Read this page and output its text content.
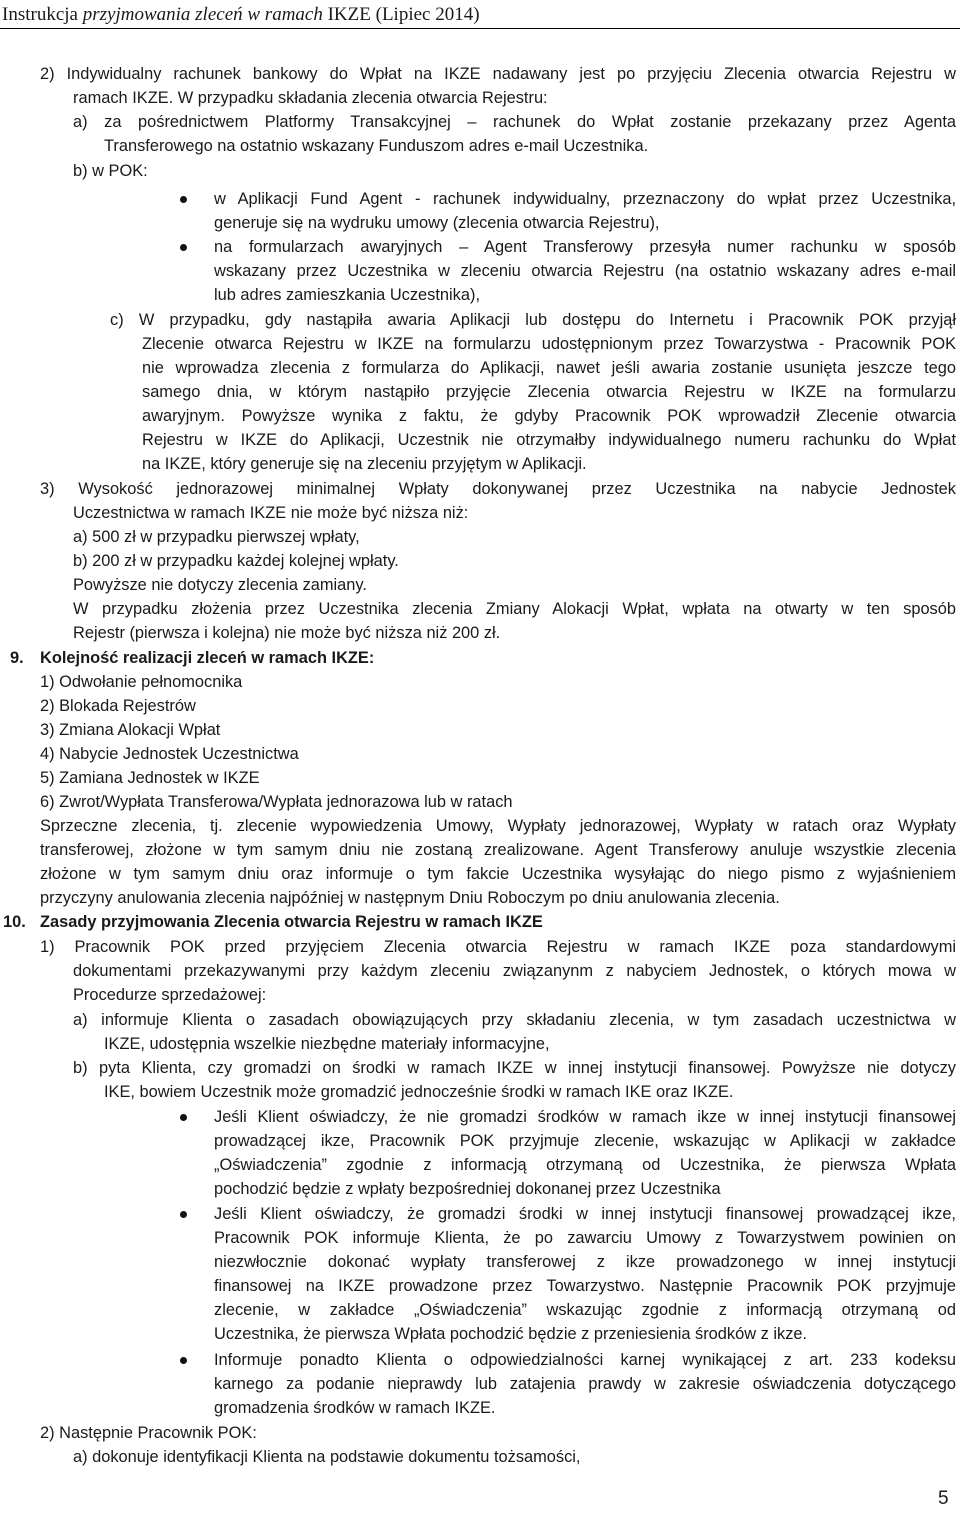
Instrukcja przyjmowania zleceń w ramach IKZE (Lipiec 2014)
2) Indywidualny rachunek bankowy do Wpłat na IKZE nadawany jest po przyjęciu Zlecenia otwarcia Rejestru w
ramach IKZE. W przypadku składania zlecenia otwarcia Rejestru:
a) za pośrednictwem Platformy Transakcyjnej – rachunek do Wpłat zostanie przekazany przez Agenta
Transferowego na ostatnio wskazany Funduszom adres e-mail Uczestnika.
b) w POK:
w Aplikacji Fund Agent - rachunek indywidualny, przeznaczony do wpłat przez Uczestnika,
generuje się na wydruku umowy (zlecenia otwarcia Rejestru),
na formularzach awaryjnych – Agent Transferowy przesyła numer rachunku w sposób
wskazany przez Uczestnika w zleceniu otwarcia Rejestru (na ostatnio wskazany adres e-mail
lub adres zamieszkania Uczestnika),
c) W przypadku, gdy nastąpiła awaria Aplikacji lub dostępu do Internetu i Pracownik POK przyjął
Zlecenie otwarca Rejestru w IKZE na formularzu udostępnionym przez Towarzystwa - Pracownik POK
nie wprowadza zlecenia z formularza do Aplikacji, nawet jeśli awaria zostanie usunięta jeszcze tego
samego dnia, w którym nastąpiło przyjęcie Zlecenia otwarcia Rejestru w IKZE na formularzu
awaryjnym. Powyższe wynika z faktu, że gdyby Pracownik POK wprowadził Zlecenie otwarcia
Rejestru w IKZE do Aplikacji, Uczestnik nie otrzymałby indywidualnego numeru rachunku do Wpłat
na IKZE, który generuje się na zleceniu przyjętym w Aplikacji.
3) Wysokość jednorazowej minimalnej Wpłaty dokonywanej przez Uczestnika na nabycie Jednostek
Uczestnictwa w ramach IKZE nie może być niższa niż:
a) 500 zł w przypadku pierwszej wpłaty,
b) 200 zł w przypadku każdej kolejnej wpłaty.
Powyższe nie dotyczy zlecenia zamiany.
W przypadku złożenia przez Uczestnika zlecenia Zmiany Alokacji Wpłat, wpłata na otwarty w ten sposób
Rejestr (pierwsza i kolejna) nie może być niższa niż 200 zł.
9. Kolejność realizacji zleceń w ramach IKZE:
1) Odwołanie pełnomocnika
2) Blokada Rejestrów
3) Zmiana Alokacji Wpłat
4) Nabycie Jednostek Uczestnictwa
5) Zamiana Jednostek w IKZE
6) Zwrot/Wypłata Transferowa/Wypłata jednorazowa lub w ratach
Sprzeczne zlecenia, tj. zlecenie wypowiedzenia Umowy, Wypłaty jednorazowej, Wypłaty w ratach oraz Wypłaty
transferowej, złożone w tym samym dniu nie zostaną zrealizowane. Agent Transferowy anuluje wszystkie zlecenia
złożone w tym samym dniu oraz informuje o tym fakcie Uczestnika wysyłając do niego pismo z wyjaśnieniem
przyczyny anulowania zlecenia najpóźniej w następnym Dniu Roboczym po dniu anulowania zlecenia.
10. Zasady przyjmowania Zlecenia otwarcia Rejestru w ramach IKZE
1) Pracownik POK przed przyjęciem Zlecenia otwarcia Rejestru w ramach IKZE poza standardowymi
dokumentami przekazywanymi przy każdym zleceniu związanynm z nabyciem Jednostek, o których mowa w
Procedurze sprzedażowej:
a) informuje Klienta o zasadach obowiązujących przy składaniu zlecenia, w tym zasadach uczestnictwa w
IKZE, udostępnia wszelkie niezbędne materiały informacyjne,
b) pyta Klienta, czy gromadzi on środki w ramach IKZE w innej instytucji finansowej. Powyższe nie dotyczy
IKE, bowiem Uczestnik może gromadzić jednocześnie środki w ramach IKE oraz IKZE.
Jeśli Klient oświadczy, że nie gromadzi środków w ramach ikze w innej instytucji finansowej
prowadzącej ikze, Pracownik POK przyjmuje zlecenie, wskazując w Aplikacji w zakładce
„Oświadczenia” zgodnie z informacją otrzymaną od Uczestnika, że pierwsza Wpłata
pochodzić będzie z wpłaty bezpośredniej dokonanej przez Uczestnika
Jeśli Klient oświadczy, że gromadzi środki w innej instytucji finansowej prowadzącej ikze,
Pracownik POK informuje Klienta, że po zawarciu Umowy z Towarzystwem powinien on
niezwłocznie dokonać wypłaty transferowej z ikze prowadzonego w innej instytucji
finansowej na IKZE prowadzone przez Towarzystwo. Następnie Pracownik POK przyjmuje
zlecenie, w zakładce „Oświadczenia” wskazując zgodnie z informacją otrzymaną od
Uczestnika, że pierwsza Wpłata pochodzić będzie z przeniesienia środków z ikze.
Informuje ponadto Klienta o odpowiedzialności karnej wynikającej z art. 233 kodeksu
karnego za podanie nieprawdy lub zatajenia prawdy w zakresie oświadczenia dotyczącego
gromadzenia środków w ramach IKZE.
2) Następnie Pracownik POK:
a) dokonuje identyfikacji Klienta na podstawie dokumentu tożsamości,
5
